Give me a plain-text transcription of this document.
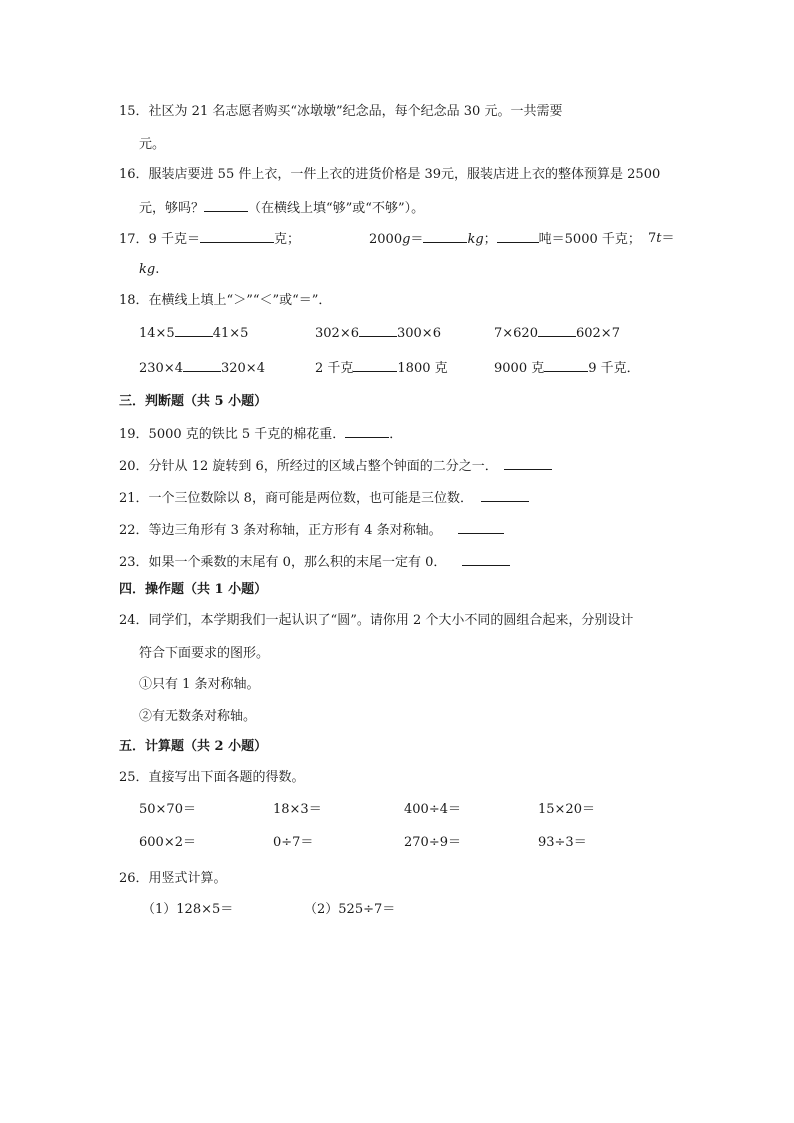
15．社区为 21 名志愿者购买“冰墩墩”纪念品，每个纪念品 30 元。一共需要
元。
16．服装店要进 55 件上衣，一件上衣的进货价格是 39元，服装店进上衣的整体预算是 2500
元，够吗？	（在横线上填“够”或“不够”）。
17．9 千克＝	克；	2000g＝	kg；	吨＝5000 千克； 7t＝
kg.
18．在横线上填上“＞”“＜”或“＝”．
14×5	41×5	302×6	300×6	7×620	602×7
230×4	320×4	2 千克	1800 克	9000 克	9 千克．
三．判断题（共 5 小题）
19．5000 克的铁比 5 千克的棉花重．	．
20．分针从 12 旋转到 6，所经过的区域占整个钟面的二分之一．
21．一个三位数除以 8，商可能是两位数，也可能是三位数．
22．等边三角形有 3 条对称轴，正方形有 4 条对称轴。
23．如果一个乘数的末尾有 0，那么积的末尾一定有 0．
四．操作题（共 1 小题）
24．同学们，本学期我们一起认识了“圆”。请你用 2 个大小不同的圆组合起来，分别设计
符合下面要求的图形。
①只有 1 条对称轴。
②有无数条对称轴。
五．计算题（共 2 小题）
25．直接写出下面各题的得数。
50×70＝	18×3＝	400÷4＝	15×20＝
600×2＝	0÷7＝	270÷9＝	93÷3＝
26．用竖式计算。
（1）128×5＝	（2）525÷7＝
